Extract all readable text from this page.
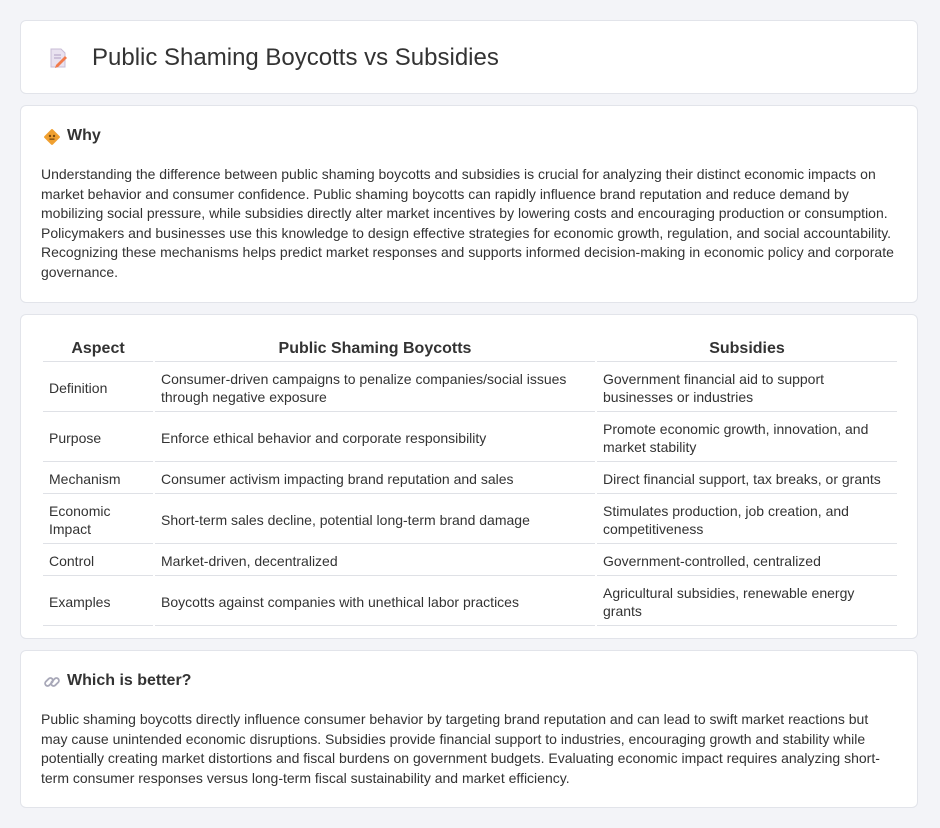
Public Shaming Boycotts vs Subsidies
Why

Understanding the difference between public shaming boycotts and subsidies is crucial for analyzing their distinct economic impacts on market behavior and consumer confidence. Public shaming boycotts can rapidly influence brand reputation and reduce demand by mobilizing social pressure, while subsidies directly alter market incentives by lowering costs and encouraging production or consumption. Policymakers and businesses use this knowledge to design effective strategies for economic growth, regulation, and social accountability. Recognizing these mechanisms helps predict market responses and supports informed decision-making in economic policy and corporate governance.

Aspect	Public Shaming Boycotts	Subsidies
Definition	Consumer-driven campaigns to penalize companies/social issues through negative exposure	Government financial aid to support businesses or industries
Purpose	Enforce ethical behavior and corporate responsibility	Promote economic growth, innovation, and market stability
Mechanism	Consumer activism impacting brand reputation and sales	Direct financial support, tax breaks, or grants
Economic Impact	Short-term sales decline, potential long-term brand damage	Stimulates production, job creation, and competitiveness
Control	Market-driven, decentralized	Government-controlled, centralized
Examples	Boycotts against companies with unethical labor practices	Agricultural subsidies, renewable energy grants
Which is better?

Public shaming boycotts directly influence consumer behavior by targeting brand reputation and can lead to swift market reactions but may cause unintended economic disruptions. Subsidies provide financial support to industries, encouraging growth and stability while potentially creating market distortions and fiscal burdens on government budgets. Evaluating economic impact requires analyzing short-term consumer responses versus long-term fiscal sustainability and market efficiency.
